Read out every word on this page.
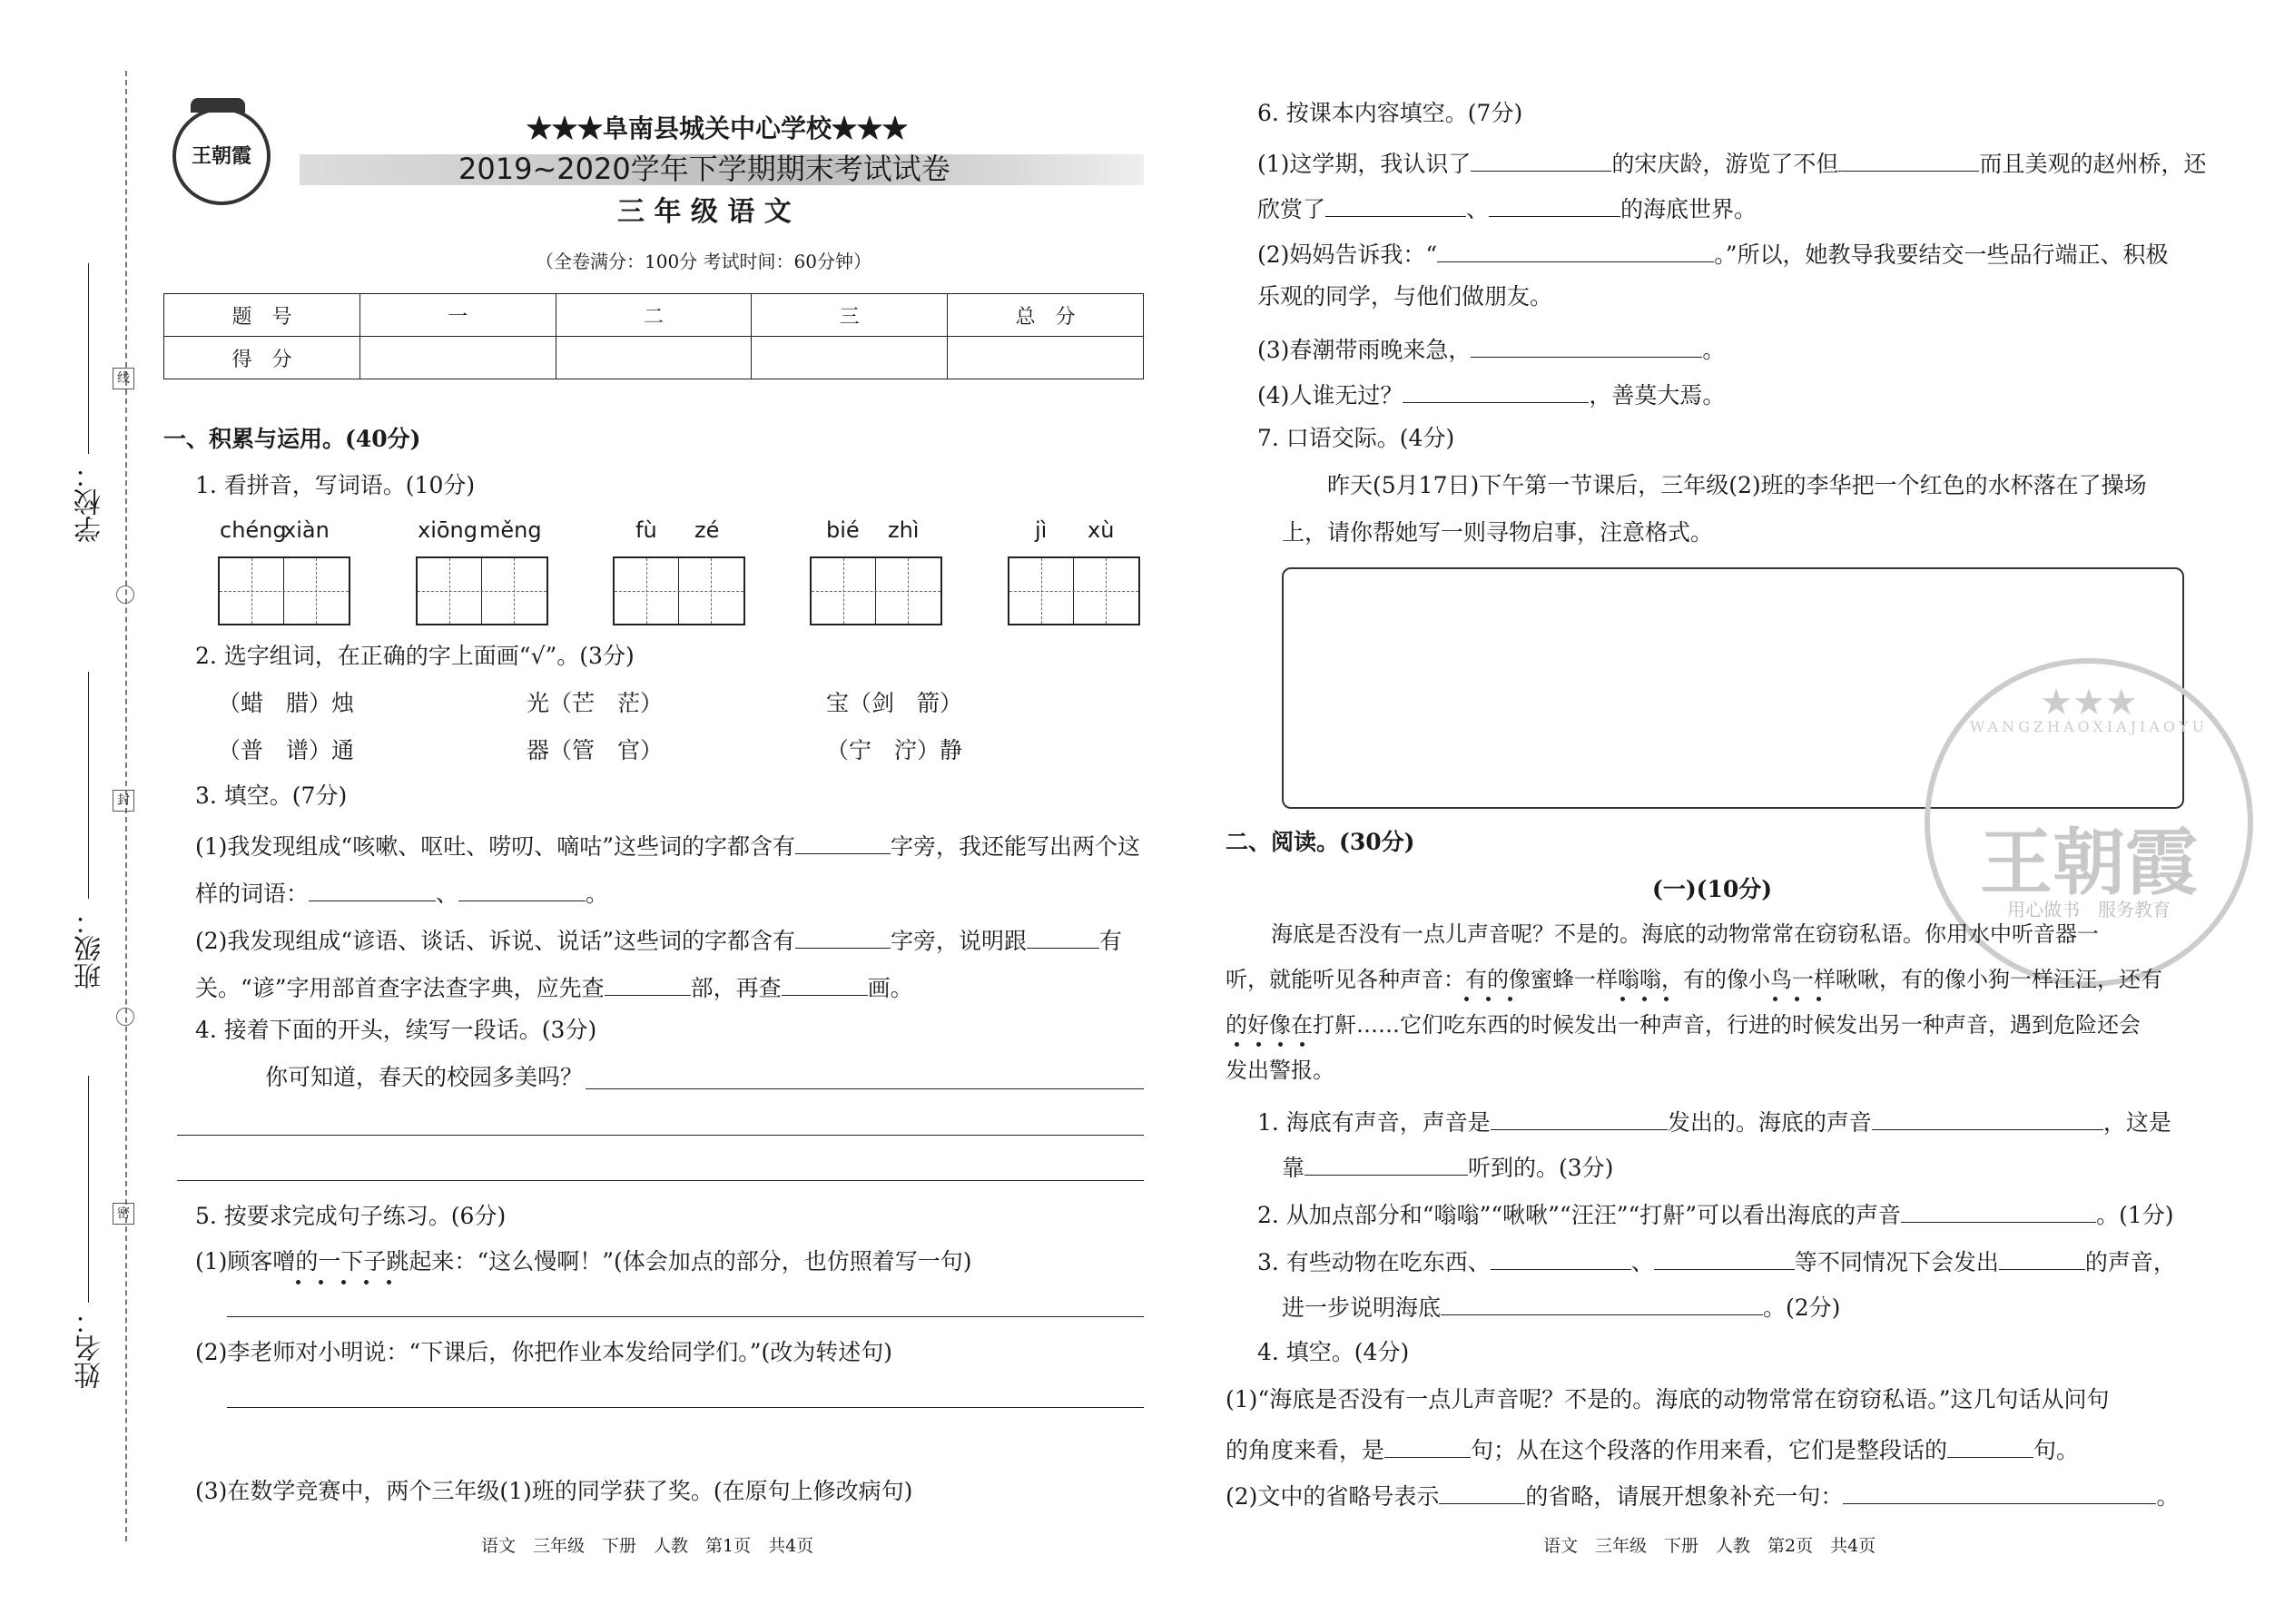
学校：
班级：
姓名：
线
封
密
王朝霞
★★★阜南县城关中心学校★★★
2019~2020学年下学期期末考试试卷
三 年 级 语 文
（全卷满分：100分 考试时间：60分钟）
题　号	一	二	三	总　分
得　分				
一、积累与运用。(40分)
1. 看拼音，写词语。(10分)
chéng
xiàn	xiōng měng	fù zé	bié zhì	jì xù
2. 选字组词，在正确的字上面画“√”。(3分)
（蜡　腊）烛	光（芒　茫）	宝（剑　箭）
（普　谱）通	器（管　官）	（宁　泞）静
3. 填空。(7分)
(1)我发现组成“咳嗽、呕吐、唠叨、嘀咕”这些词的字都含有	字旁，我还能写出两个这
样的词语：	、	。
(2)我发现组成“谚语、谈话、诉说、说话”这些词的字都含有	字旁，说明跟	有
关。“谚”字用部首查字法查字典，应先查	部，再查	画。
4. 接着下面的开头，续写一段话。(3分)
你可知道，春天的校园多美吗？
5. 按要求完成句子练习。(6分)
(1)顾客噌的一下子跳起来：“这么慢啊！”(体会加点的部分，也仿照着写一句)
(2)李老师对小明说：“下课后，你把作业本发给同学们。”(改为转述句)
(3)在数学竞赛中，两个三年级(1)班的同学获了奖。(在原句上修改病句)
语文　三年级　下册　人教　第1页　共4页
6. 按课本内容填空。(7分)
(1)这学期，我认识了	的宋庆龄，游览了不但	而且美观的赵州桥，还
欣赏了	、	的海底世界。
(2)妈妈告诉我：“	。”所以，她教导我要结交一些品行端正、积极
乐观的同学，与他们做朋友。
(3)春潮带雨晚来急，	。
(4)人谁无过？	，善莫大焉。
7. 口语交际。(4分)
昨天(5月17日)下午第一节课后，三年级(2)班的李华把一个红色的水杯落在了操场
上，请你帮她写一则寻物启事，注意格式。
★★★
王朝霞
用心做书　服务教育
WANGZHAOXIAJIAOYU
二、阅读。(30分)
(一)(10分)
海底是否没有一点儿声音呢？不是的。海底的动物常常在窃窃私语。你用水中听音器一
听，就能听见各种声音：有的像蜜蜂一样嗡嗡，有的像小鸟一样啾啾，有的像小狗一样汪汪，还有
的好像在打鼾……它们吃东西的时候发出一种声音，行进的时候发出另一种声音，遇到危险还会
发出警报。
1. 海底有声音，声音是	发出的。海底的声音	，这是
靠	听到的。(3分)
2. 从加点部分和“嗡嗡”“啾啾”“汪汪”“打鼾”可以看出海底的声音	。(1分)
3. 有些动物在吃东西、	、	等不同情况下会发出	的声音，
进一步说明海底	。(2分)
4. 填空。(4分)
(1)“海底是否没有一点儿声音呢？不是的。海底的动物常常在窃窃私语。”这几句话从问句
的角度来看，是	句；从在这个段落的作用来看，它们是整段话的	句。
(2)文中的省略号表示	的省略，请展开想象补充一句：	。
语文　三年级　下册　人教　第2页　共4页
